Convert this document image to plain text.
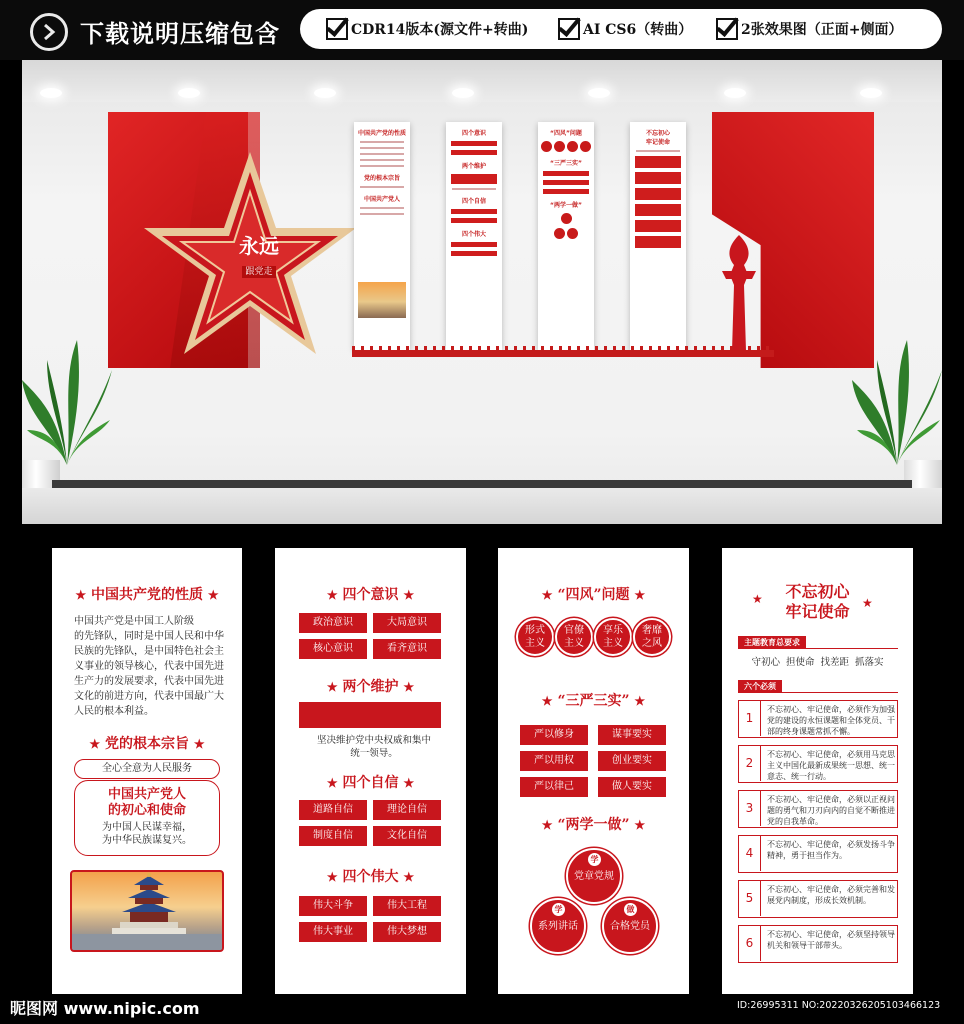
下载说明压缩包含	CDR14版本(源文件+转曲)	AI CS6（转曲）	2张效果图（正面+侧面）
永远
跟党走
中国共产党的性质
党的根本宗旨
中国共产党人
四个意识
两个维护
四个自信
四个伟大
“四风”问题
“三严三实”
“两学一做”
不忘初心
牢记使命
★ 中国共产党的性质 ★
中国共产党是中国工人阶级
的先锋队，同时是中国人民和中华
民族的先锋队，是中国特色社会主
义事业的领导核心，代表中国先进
生产力的发展要求，代表中国先进
文化的前进方向，代表中国最广大
人民的根本利益。
★ 党的根本宗旨 ★
全心全意为人民服务
中国共产党人
的初心和使命
为中国人民谋幸福，
为中华民族谋复兴。
★ 四个意识 ★
政治意识	大局意识
核心意识	看齐意识
★ 两个维护 ★
坚决维护党中央权威和集中
统一领导。
★ 四个自信 ★
道路自信	理论自信
制度自信	文化自信
★ 四个伟大 ★
伟大斗争	伟大工程
伟大事业	伟大梦想
★ “四风”问题 ★
形式
主义
官僚
主义
享乐
主义
奢靡
之风
★ “三严三实” ★
严以修身	谋事要实
严以用权	创业要实
严以律己	做人要实
★ “两学一做” ★
党章党规
学
系列讲话
学
合格党员
做
不忘初心
牢记使命
★	★
主题教育总要求
守初心  担使命  找差距  抓落实
六个必须
1
不忘初心、牢记使命，必须作为加强党的建设的永恒课题和全体党员、干部的终身课题常抓不懈。
2
不忘初心、牢记使命，必须用马克思主义中国化最新成果统一思想、统一意志、统一行动。
3
不忘初心、牢记使命，必须以正视问题的勇气和刀刃向内的自觉不断推进党的自我革命。
4
不忘初心、牢记使命，必须发扬斗争精神，勇于担当作为。
5
不忘初心、牢记使命，必须完善和发展党内制度，形成长效机制。
6
不忘初心、牢记使命，必须坚持领导机关和领导干部带头。
昵图网 www.nipic.com	ID:26995311 NO:20220326205103466123
